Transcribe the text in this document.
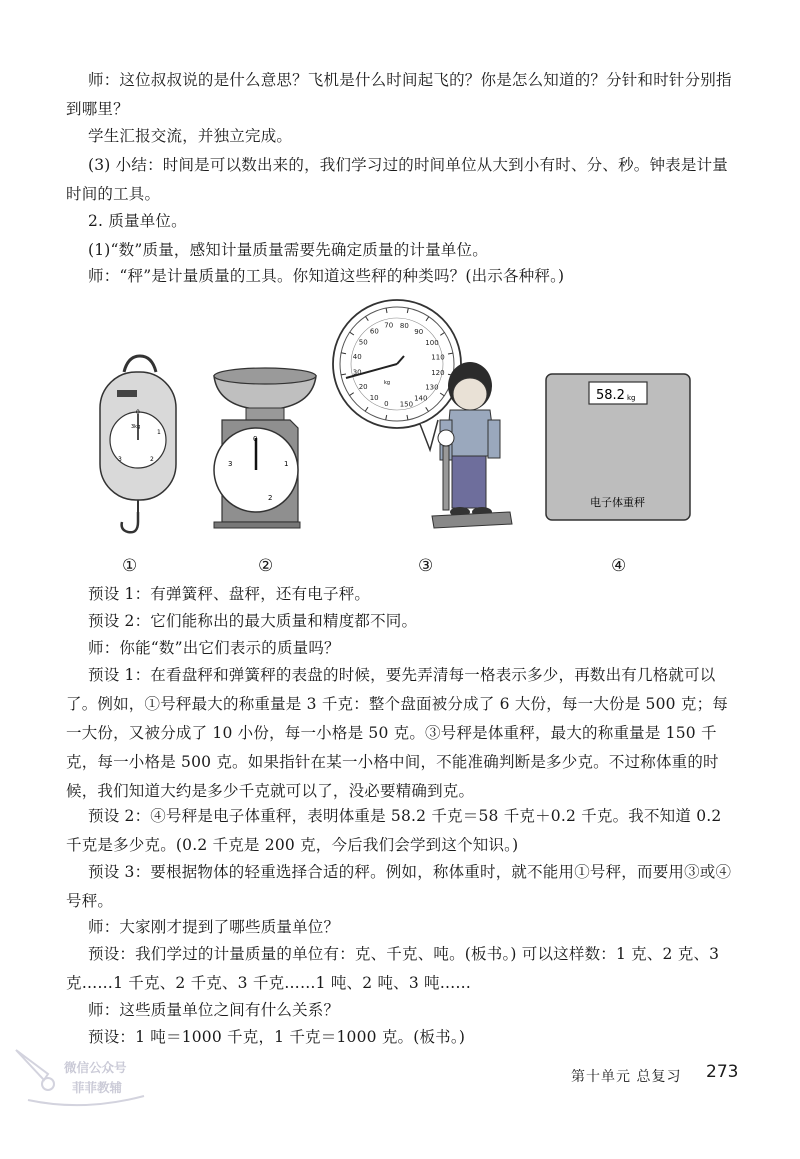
师：这位叔叔说的是什么意思？飞机是什么时间起飞的？你是怎么知道的？分针和时针分别指到哪里？

学生汇报交流，并独立完成。

(3) 小结：时间是可以数出来的，我们学习过的时间单位从大到小有时、分、秒。钟表是计量时间的工具。

2. 质量单位。

(1)“数”质量，感知计量质量需要先确定质量的计量单位。

师：“秤”是计量质量的工具。你知道这些秤的种类吗？(出示各种秤。)

0
1
2
3
3kg
0
1
2
3
kg
0
10
20
30
40
50
60
70 80
90
100
110
120
130
140
150
58.2 kg
电子体重秤
①	②	③	④

预设 1：有弹簧秤、盘秤，还有电子秤。

预设 2：它们能称出的最大质量和精度都不同。

师：你能“数”出它们表示的质量吗？

预设 1：在看盘秤和弹簧秤的表盘的时候，要先弄清每一格表示多少，再数出有几格就可以了。例如，①号秤最大的称重量是 3 千克：整个盘面被分成了 6 大份，每一大份是 500 克；每一大份，又被分成了 10 小份，每一小格是 50 克。③号秤是体重秤，最大的称重量是 150 千克，每一小格是 500 克。如果指针在某一小格中间，不能准确判断是多少克。不过称体重的时候，我们知道大约是多少千克就可以了，没必要精确到克。

预设 2：④号秤是电子体重秤，表明体重是 58.2 千克＝58 千克＋0.2 千克。我不知道 0.2 千克是多少克。(0.2 千克是 200 克，今后我们会学到这个知识。)

预设 3：要根据物体的轻重选择合适的秤。例如，称体重时，就不能用①号秤，而要用③或④号秤。

师：大家刚才提到了哪些质量单位？

预设：我们学过的计量质量的单位有：克、千克、吨。(板书。) 可以这样数：1 克、2 克、3 克……1 千克、2 千克、3 千克……1 吨、2 吨、3 吨……

师：这些质量单位之间有什么关系？

预设：1 吨＝1000 千克，1 千克＝1000 克。(板书。)

第十单元 总复习 273
微信公众号
菲菲教辅
